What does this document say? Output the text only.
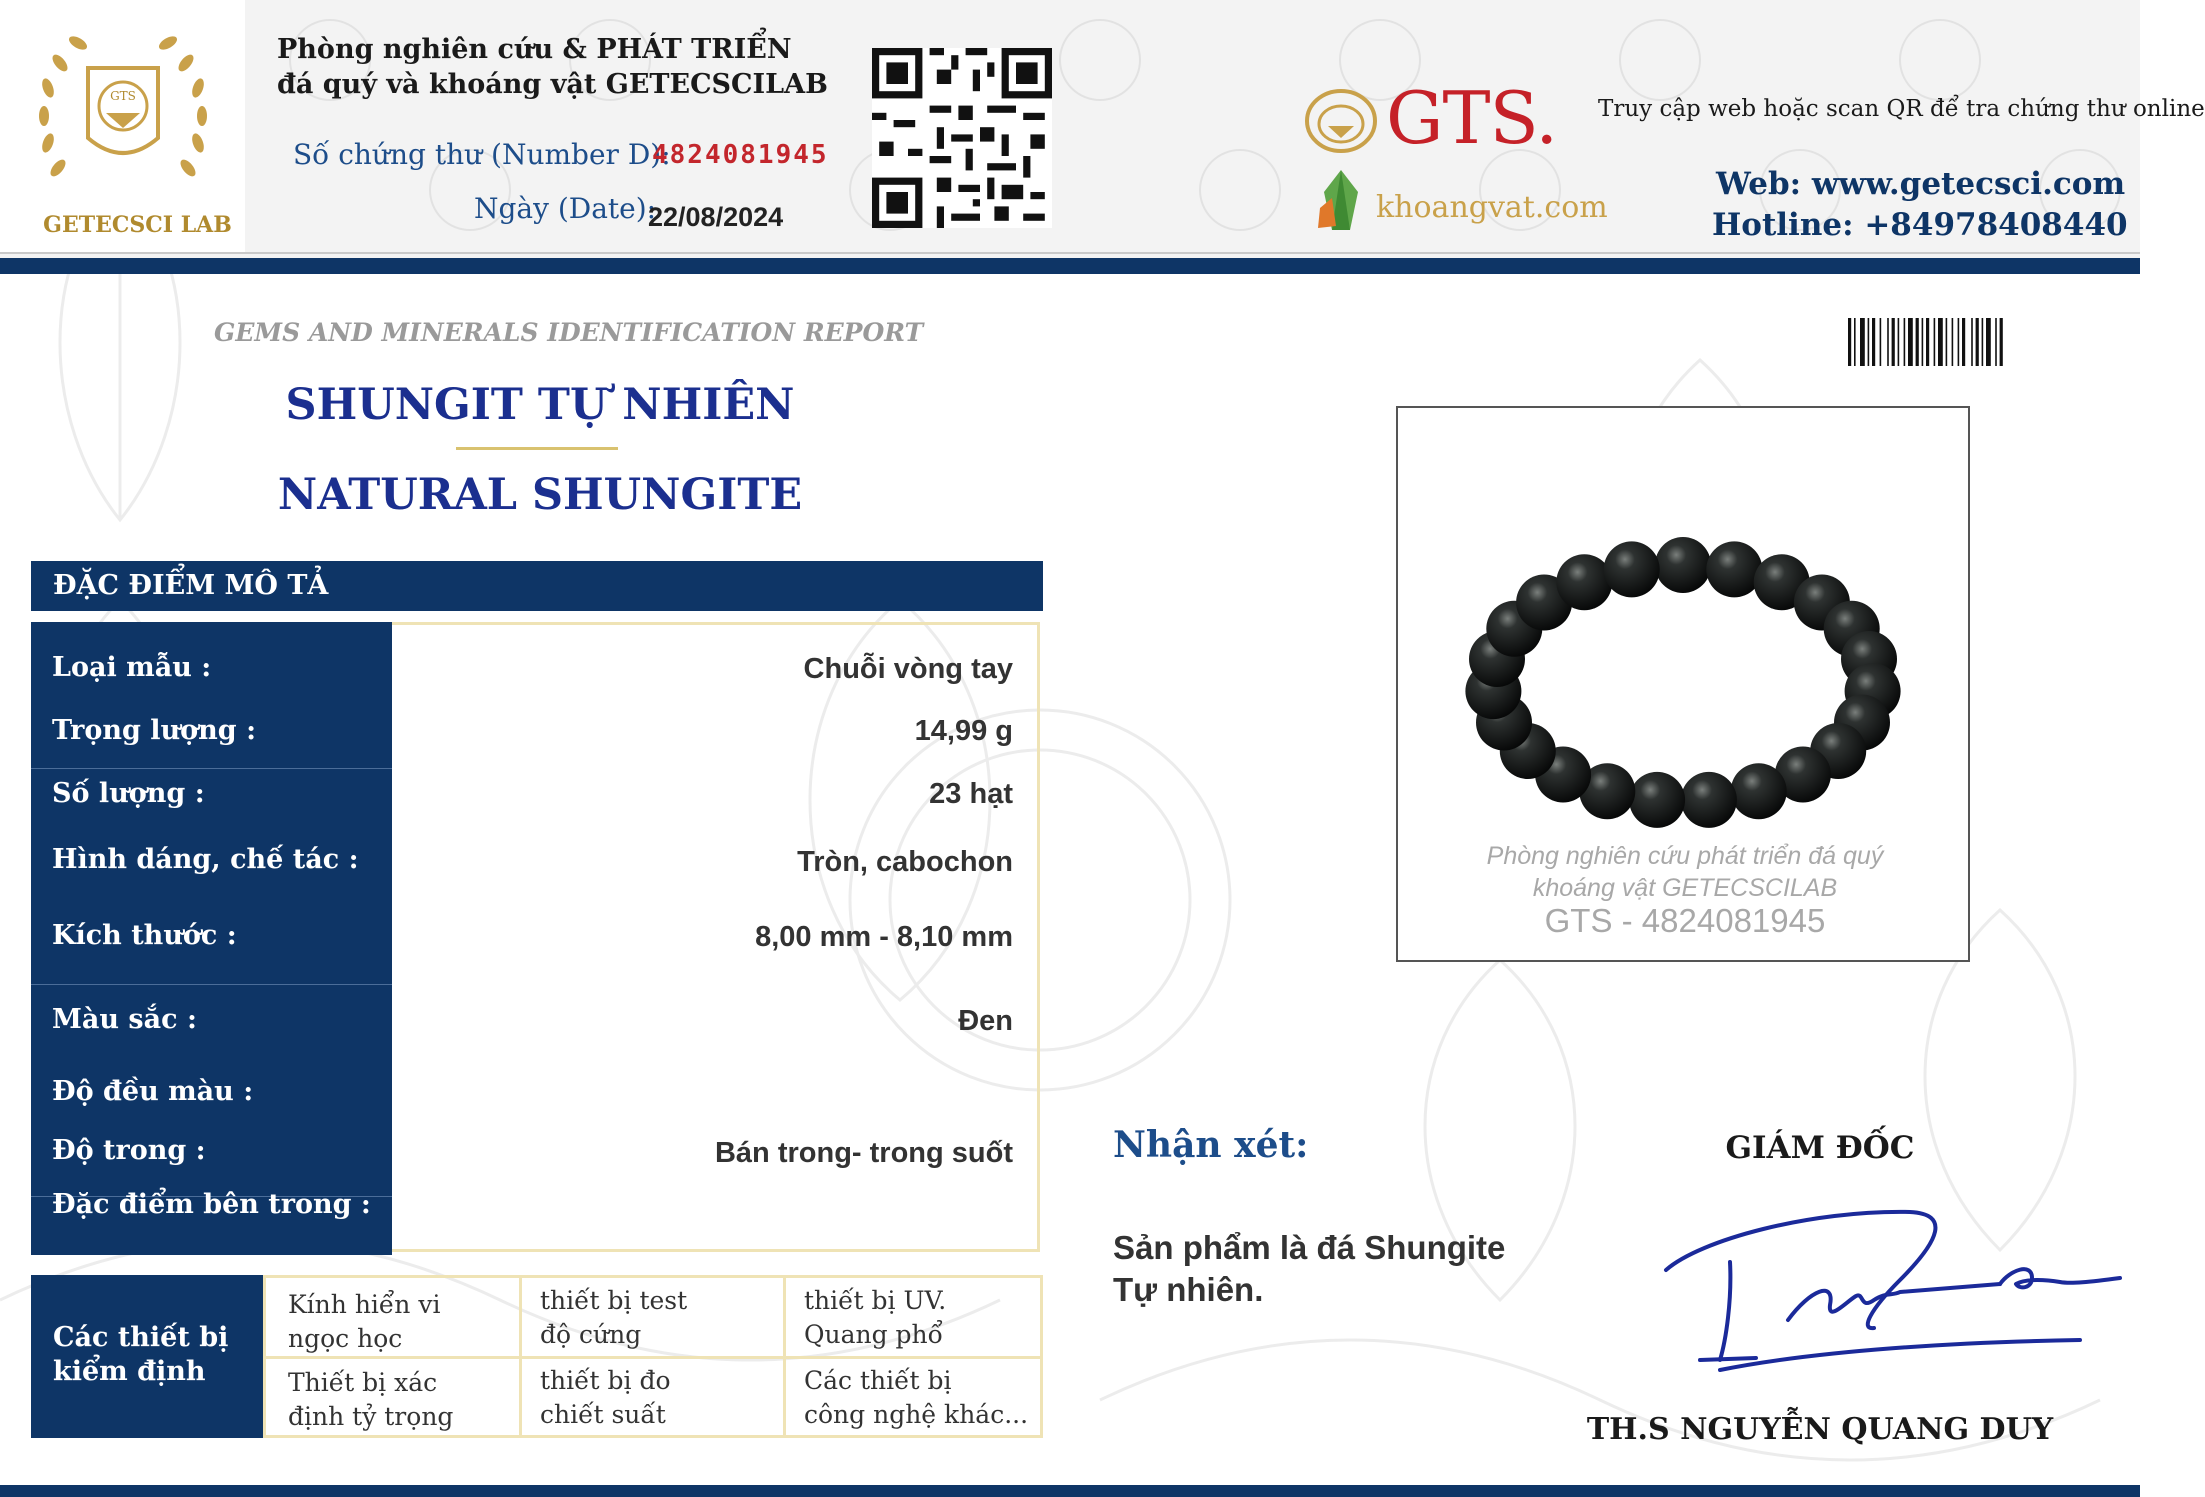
GTS
GETECSCI LAB
Phòng nghiên cứu & PHÁT TRIỂN
đá quý và khoáng vật GETECSCILAB
Số chứng thư (Number D):
4824081945
Ngày (Date):
22/08/2024
GTS.
khoangvat.com
Truy cập web hoặc scan QR để tra chứng thư online
Web: www.getecsci.com
Hotline: +84978408440
GEMS AND MINERALS IDENTIFICATION REPORT
SHUNGIT TỰ NHIÊN
NATURAL SHUNGITE
ĐẶC ĐIỂM MÔ TẢ
Loại mẫu :
Trọng lượng :
Số lượng :
Hình dáng, chế tác :
Kích thước :
Màu sắc :
Độ đều màu :
Độ trong :
Đặc điểm bên trong :
Chuỗi vòng tay
14,99 g
23 hạt
Tròn, cabochon
8,00 mm - 8,10 mm
Đen
Bán trong- trong suốt
Các thiết bị kiểm định
Kính hiển vi
ngọc học
thiết bị test
độ cứng
thiết bị UV.
Quang phổ
Thiết bị xác
định tỷ trọng
thiết bị đo
chiết suất
Các thiết bị
công nghệ khác...
Phòng nghiên cứu phát triển đá quý
khoáng vật GETECSCILAB
GTS - 4824081945
Nhận xét:
Sản phẩm là đá Shungite Tự nhiên.
GIÁM ĐỐC
TH.S NGUYỄN QUANG DUY
